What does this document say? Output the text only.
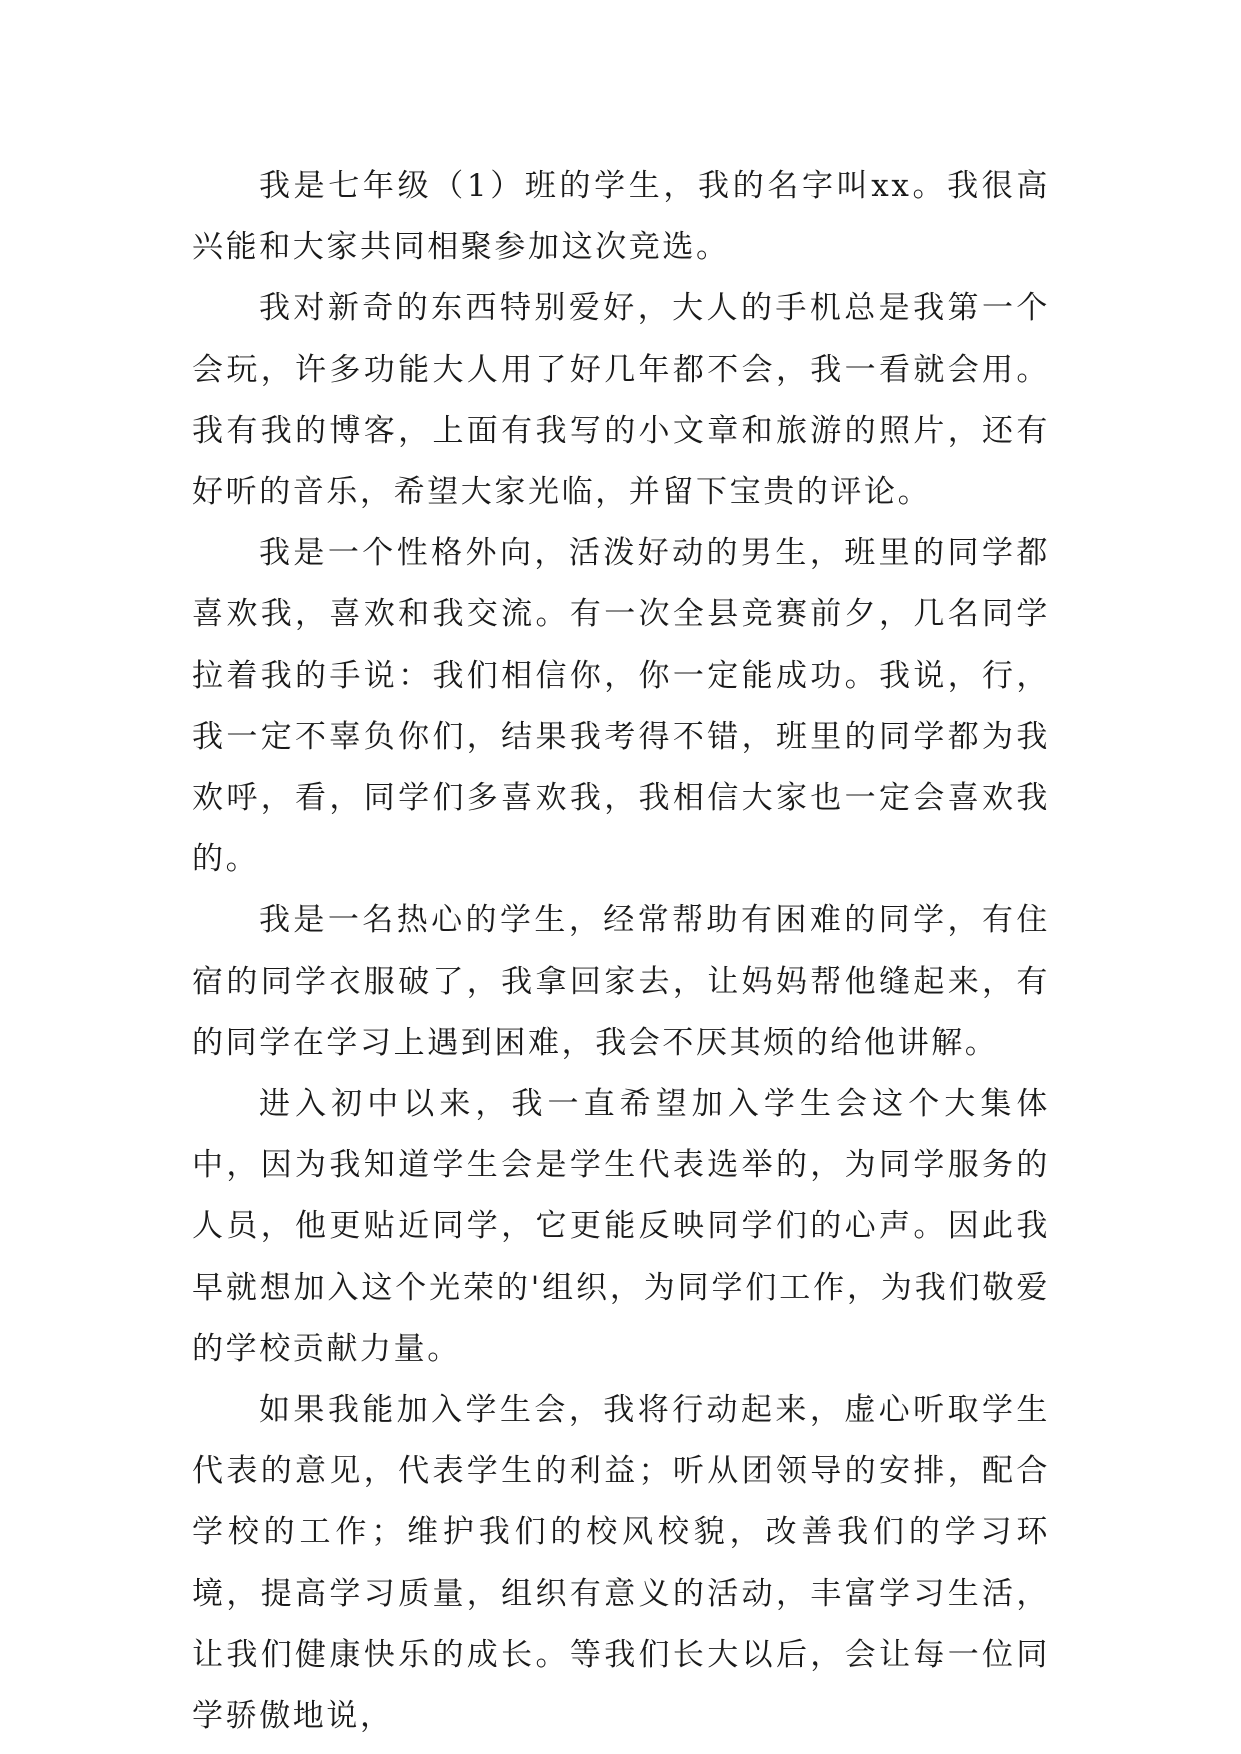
我是七年级（1）班的学生，我的名字叫xx。我很高兴能和大家共同相聚参加这次竞选。

我对新奇的东西特别爱好，大人的手机总是我第一个会玩，许多功能大人用了好几年都不会，我一看就会用。我有我的博客，上面有我写的小文章和旅游的照片，还有好听的音乐，希望大家光临，并留下宝贵的评论。

我是一个性格外向，活泼好动的男生，班里的同学都喜欢我，喜欢和我交流。有一次全县竞赛前夕，几名同学拉着我的手说：我们相信你，你一定能成功。我说，行，我一定不辜负你们，结果我考得不错，班里的同学都为我欢呼，看，同学们多喜欢我，我相信大家也一定会喜欢我的。

我是一名热心的学生，经常帮助有困难的同学，有住宿的同学衣服破了，我拿回家去，让妈妈帮他缝起来，有的同学在学习上遇到困难，我会不厌其烦的给他讲解。

进入初中以来，我一直希望加入学生会这个大集体中，因为我知道学生会是学生代表选举的，为同学服务的人员，他更贴近同学，它更能反映同学们的心声。因此我早就想加入这个光荣的'组织，为同学们工作，为我们敬爱的学校贡献力量。

如果我能加入学生会，我将行动起来，虚心听取学生代表的意见，代表学生的利益；听从团领导的安排，配合学校的工作；维护我们的校风校貌，改善我们的学习环境，提高学习质量，组织有意义的活动，丰富学习生活，让我们健康快乐的成长。等我们长大以后，会让每一位同学骄傲地说，
